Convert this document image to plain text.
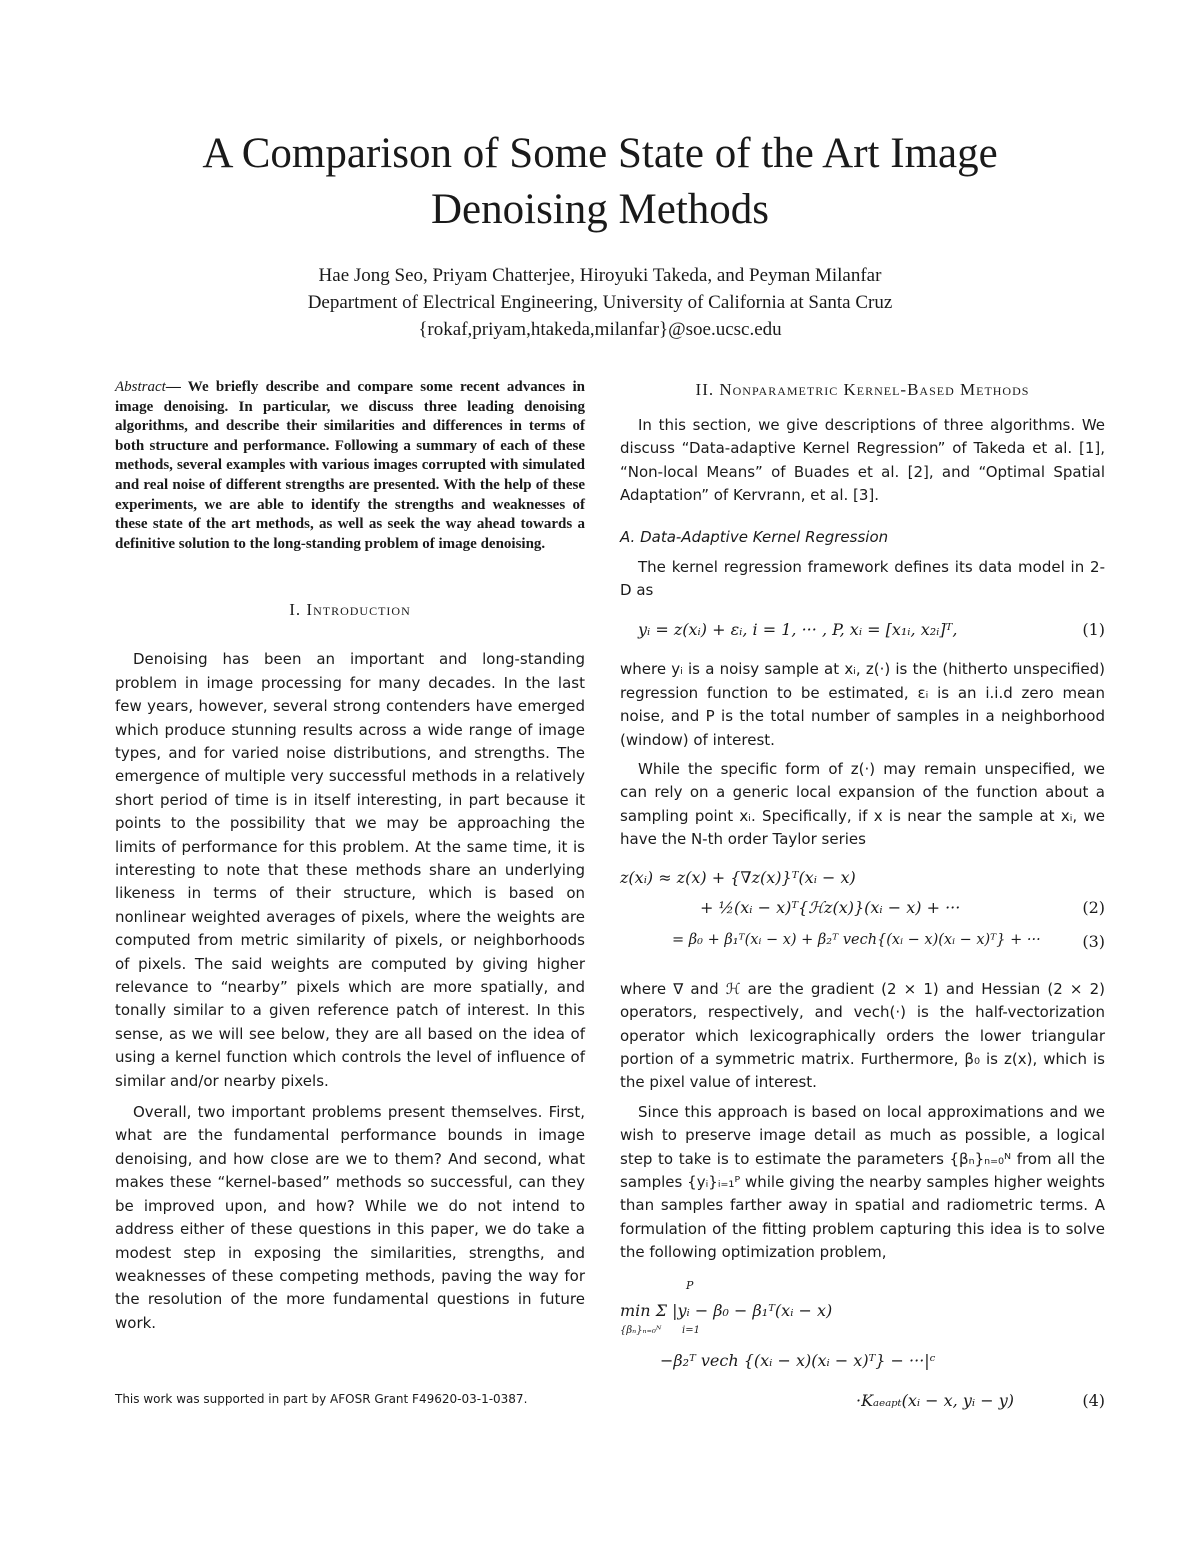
A Comparison of Some State of the Art Image
Denoising Methods
Hae Jong Seo, Priyam Chatterjee, Hiroyuki Takeda, and Peyman Milanfar
Department of Electrical Engineering, University of California at Santa Cruz
{rokaf,priyam,htakeda,milanfar}@soe.ucsc.edu

Abstract— We briefly describe and compare some recent advances in image denoising. In particular, we discuss three leading denoising algorithms, and describe their similarities and differences in terms of both structure and performance. Following a summary of each of these methods, several examples with various images corrupted with simulated and real noise of different strengths are presented. With the help of these experiments, we are able to identify the strengths and weaknesses of these state of the art methods, as well as seek the way ahead towards a definitive solution to the long-standing problem of image denoising.

I. Introduction

Denoising has been an important and long-standing problem in image processing for many decades. In the last few years, however, several strong contenders have emerged which produce stunning results across a wide range of image types, and for varied noise distributions, and strengths. The emergence of multiple very successful methods in a relatively short period of time is in itself interesting, in part because it points to the possibility that we may be approaching the limits of performance for this problem. At the same time, it is interesting to note that these methods share an underlying likeness in terms of their structure, which is based on nonlinear weighted averages of pixels, where the weights are computed from metric similarity of pixels, or neighborhoods of pixels. The said weights are computed by giving higher relevance to “nearby” pixels which are more spatially, and tonally similar to a given reference patch of interest. In this sense, as we will see below, they are all based on the idea of using a kernel function which controls the level of influence of similar and/or nearby pixels.

Overall, two important problems present themselves. First, what are the fundamental performance bounds in image denoising, and how close are we to them? And second, what makes these “kernel-based” methods so successful, can they be improved upon, and how? While we do not intend to address either of these questions in this paper, we do take a modest step in exposing the similarities, strengths, and weaknesses of these competing methods, paving the way for the resolution of the more fundamental questions in future work.

This work was supported in part by AFOSR Grant F49620-03-1-0387.
II. Nonparametric Kernel-Based Methods

In this section, we give descriptions of three algorithms. We discuss “Data-adaptive Kernel Regression” of Takeda et al. [1], “Non-local Means” of Buades et al. [2], and “Optimal Spatial Adaptation” of Kervrann, et al. [3].

A. Data-Adaptive Kernel Regression

The kernel regression framework defines its data model in 2-D as

yᵢ = z(xᵢ) + εᵢ, i = 1, ··· , P, xᵢ = [x₁ᵢ, x₂ᵢ]ᵀ,	(1)

where yᵢ is a noisy sample at xᵢ, z(·) is the (hitherto unspecified) regression function to be estimated, εᵢ is an i.i.d zero mean noise, and P is the total number of samples in a neighborhood (window) of interest.

While the specific form of z(·) may remain unspecified, we can rely on a generic local expansion of the function about a sampling point xᵢ. Specifically, if x is near the sample at xᵢ, we have the N-th order Taylor series

z(xᵢ) ≈ z(x) + {∇z(x)}ᵀ(xᵢ − x)
+ ½(xᵢ − x)ᵀ{ℋz(x)}(xᵢ − x) + ···	(2)
= β₀ + β₁ᵀ(xᵢ − x) + β₂ᵀ vech{(xᵢ − x)(xᵢ − x)ᵀ} + ···	(3)

where ∇ and ℋ are the gradient (2 × 1) and Hessian (2 × 2) operators, respectively, and vech(·) is the half-vectorization operator which lexicographically orders the lower triangular portion of a symmetric matrix. Furthermore, β₀ is z(x), which is the pixel value of interest.

Since this approach is based on local approximations and we wish to preserve image detail as much as possible, a logical step to take is to estimate the parameters {βₙ}ₙ₌₀ᴺ from all the samples {yᵢ}ᵢ₌₁ᴾ while giving the nearby samples higher weights than samples farther away in spatial and radiometric terms. A formulation of the fitting problem capturing this idea is to solve the following optimization problem,

min Σ |yᵢ − β₀ − β₁ᵀ(xᵢ − x)
{βₙ}ₙ₌₀ᴺ
P
i=1
−β₂ᵀ vech {(xᵢ − x)(xᵢ − x)ᵀ} − ···|ᶜ
·Kₐₑₐₚₜ(xᵢ − x, yᵢ − y)	(4)
